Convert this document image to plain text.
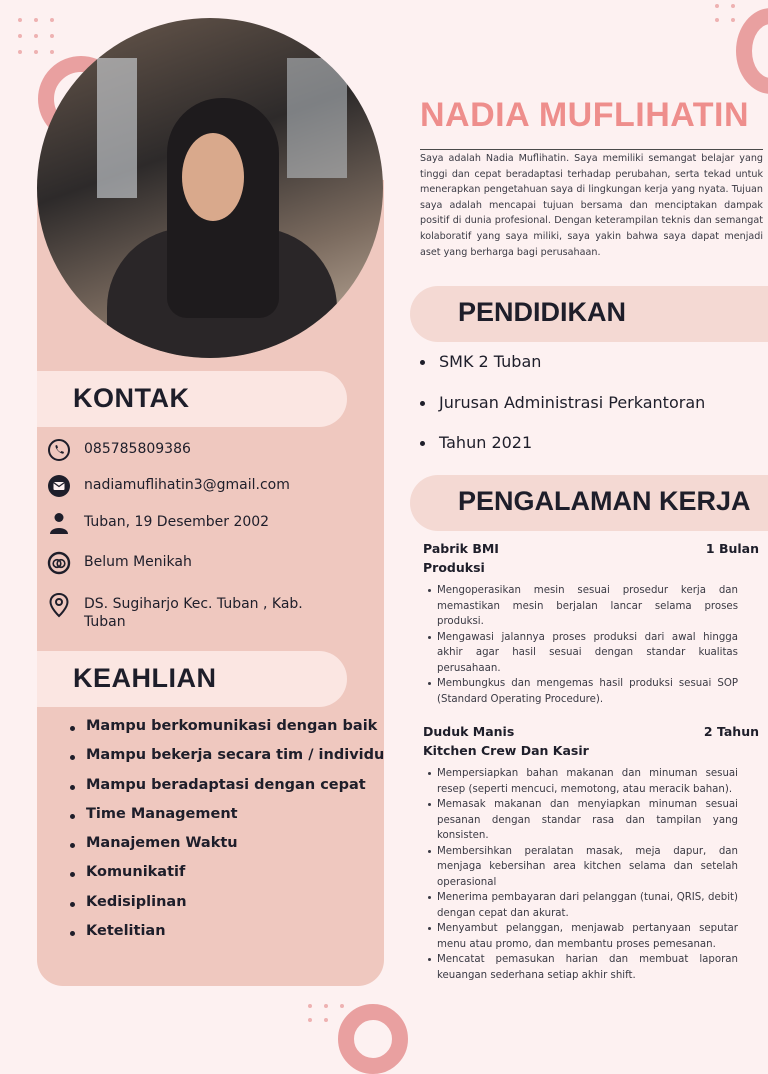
KONTAK
085785809386
nadiamuflihatin3@gmail.com
Tuban, 19 Desember 2002
Belum Menikah
DS. Sugiharjo Kec. Tuban , Kab. Tuban
KEAHLIAN
Mampu berkomunikasi dengan baik
Mampu bekerja secara tim / individu
Mampu beradaptasi dengan cepat
Time Management
Manajemen Waktu
Komunikatif
Kedisiplinan
Ketelitian
NADIA MUFLIHATIN

Saya adalah Nadia Muflihatin. Saya memiliki semangat belajar yang tinggi dan cepat beradaptasi terhadap perubahan, serta tekad untuk menerapkan pengetahuan saya di lingkungan kerja yang nyata. Tujuan saya adalah mencapai tujuan bersama dan menciptakan dampak positif di dunia profesional. Dengan keterampilan teknis dan semangat kolaboratif yang saya miliki, saya yakin bahwa saya dapat menjadi aset yang berharga bagi perusahaan.

PENDIDIKAN
SMK 2 Tuban
Jurusan Administrasi Perkantoran
Tahun 2021
PENGALAMAN KERJA
Pabrik BMI	1 Bulan
Produksi
Mengoperasikan mesin sesuai prosedur kerja dan memastikan mesin berjalan lancar selama proses produksi.
Mengawasi jalannya proses produksi dari awal hingga akhir agar hasil sesuai dengan standar kualitas perusahaan.
Membungkus dan mengemas hasil produksi sesuai SOP (Standard Operating Procedure).
Duduk Manis	2 Tahun
Kitchen Crew Dan Kasir
Mempersiapkan bahan makanan dan minuman sesuai resep (seperti mencuci, memotong, atau meracik bahan).
Memasak makanan dan menyiapkan minuman sesuai pesanan dengan standar rasa dan tampilan yang konsisten.
Membersihkan peralatan masak, meja dapur, dan menjaga kebersihan area kitchen selama dan setelah operasional
Menerima pembayaran dari pelanggan (tunai, QRIS, debit) dengan cepat dan akurat.
Menyambut pelanggan, menjawab pertanyaan seputar menu atau promo, dan membantu proses pemesanan.
Mencatat pemasukan harian dan membuat laporan keuangan sederhana setiap akhir shift.
